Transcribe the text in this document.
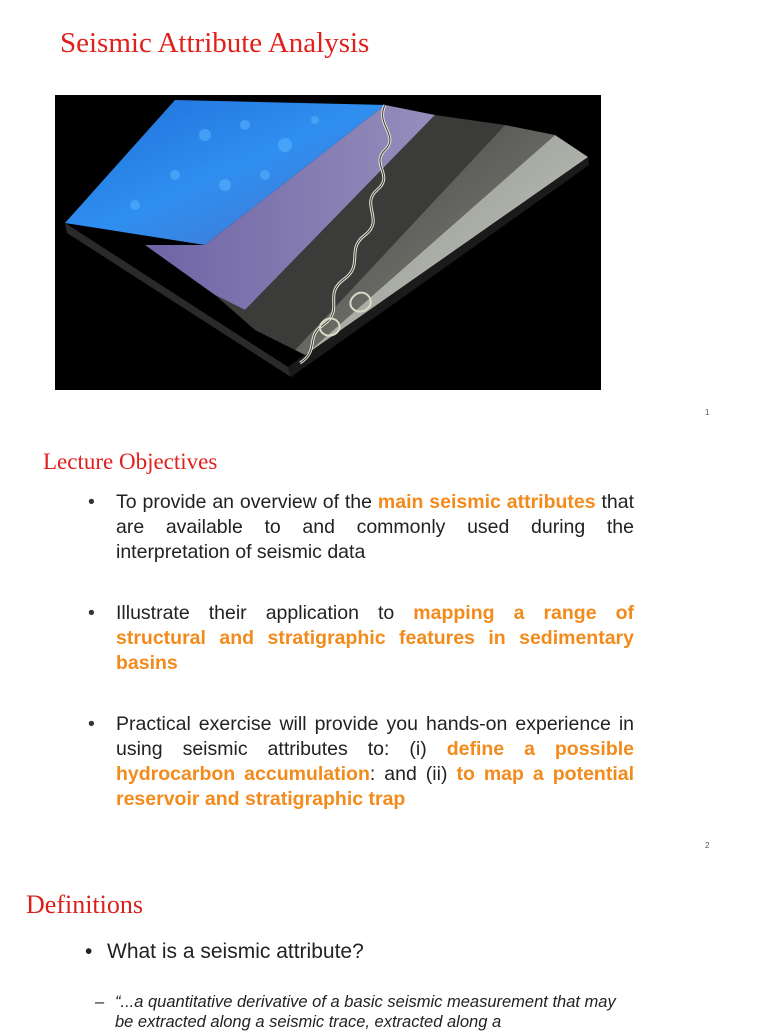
Seismic Attribute Analysis
1
Lecture Objectives
• To provide an overview of the main seismic attributes that are available to and commonly used during the interpretation of seismic data
• Illustrate their application to mapping a range of structural and stratigraphic features in sedimentary basins
• Practical exercise will provide you hands-on experience in using seismic attributes to: (i) define a possible hydrocarbon accumulation: and (ii) to map a potential reservoir and stratigraphic trap
2
Definitions
• What is a seismic attribute?
– “...a quantitative derivative of a basic seismic measurement that may be extracted along a seismic trace, extracted along a
